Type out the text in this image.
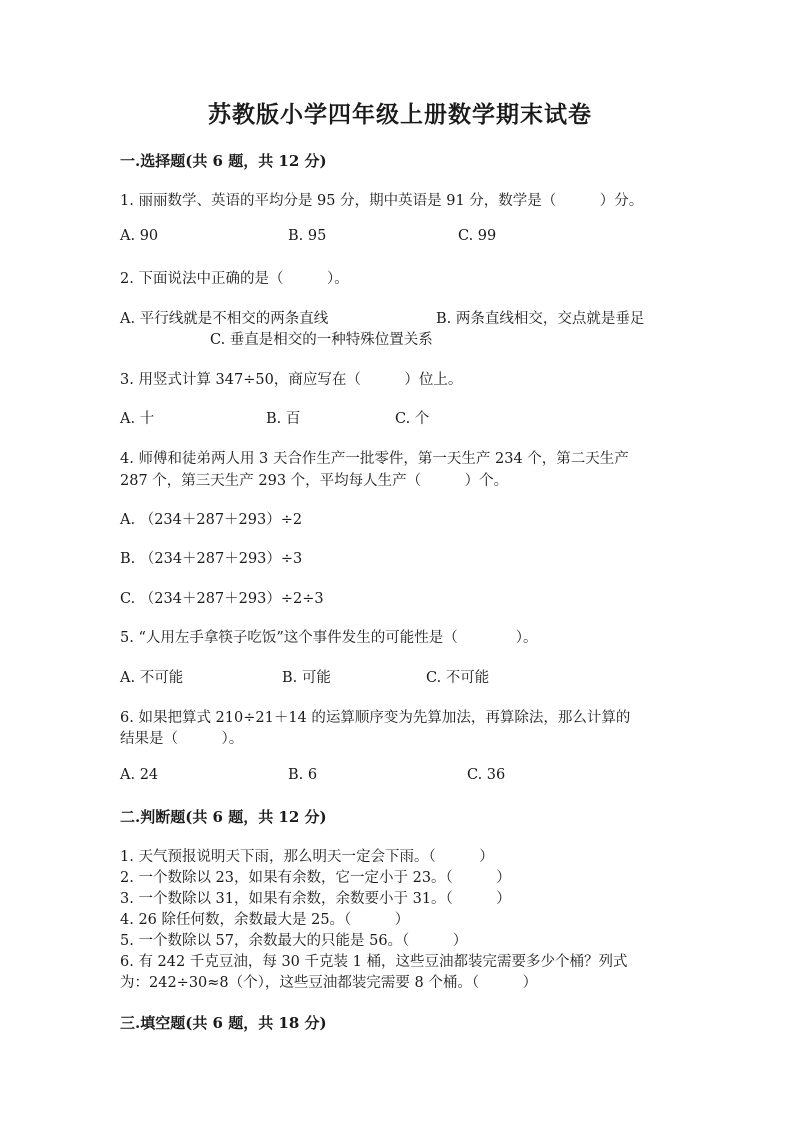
苏教版小学四年级上册数学期末试卷
一.选择题(共 6 题，共 12 分)
1. 丽丽数学、英语的平均分是 95 分，期中英语是 91 分，数学是（　　　）分。
A. 90	B. 95	C. 99
2. 下面说法中正确的是（　　　）。
A. 平行线就是不相交的两条直线	B. 两条直线相交，交点就是垂足
C. 垂直是相交的一种特殊位置关系
3. 用竖式计算 347÷50，商应写在（　　　）位上。
A. 十	B. 百	C. 个
4. 师傅和徒弟两人用 3 天合作生产一批零件，第一天生产 234 个，第二天生产
287 个，第三天生产 293 个，平均每人生产（　　　）个。
A. （234＋287＋293）÷2
B. （234＋287＋293）÷3
C. （234＋287＋293）÷2÷3
5. “人用左手拿筷子吃饭”这个事件发生的可能性是（　　　　）。
A. 不可能	B. 可能	C. 不可能
6. 如果把算式 210÷21＋14 的运算顺序变为先算加法，再算除法，那么计算的
结果是（　　　）。
A. 24	B. 6	C. 36
二.判断题(共 6 题，共 12 分)
1. 天气预报说明天下雨，那么明天一定会下雨。（　　　）
2. 一个数除以 23，如果有余数，它一定小于 23。（　　　）
3. 一个数除以 31，如果有余数，余数要小于 31。（　　　）
4. 26 除任何数，余数最大是 25。（　　　）
5. 一个数除以 57，余数最大的只能是 56。（　　　）
6. 有 242 千克豆油，每 30 千克装 1 桶，这些豆油都装完需要多少个桶？列式
为：242÷30≈8（个），这些豆油都装完需要 8 个桶。（　　　）
三.填空题(共 6 题，共 18 分)
